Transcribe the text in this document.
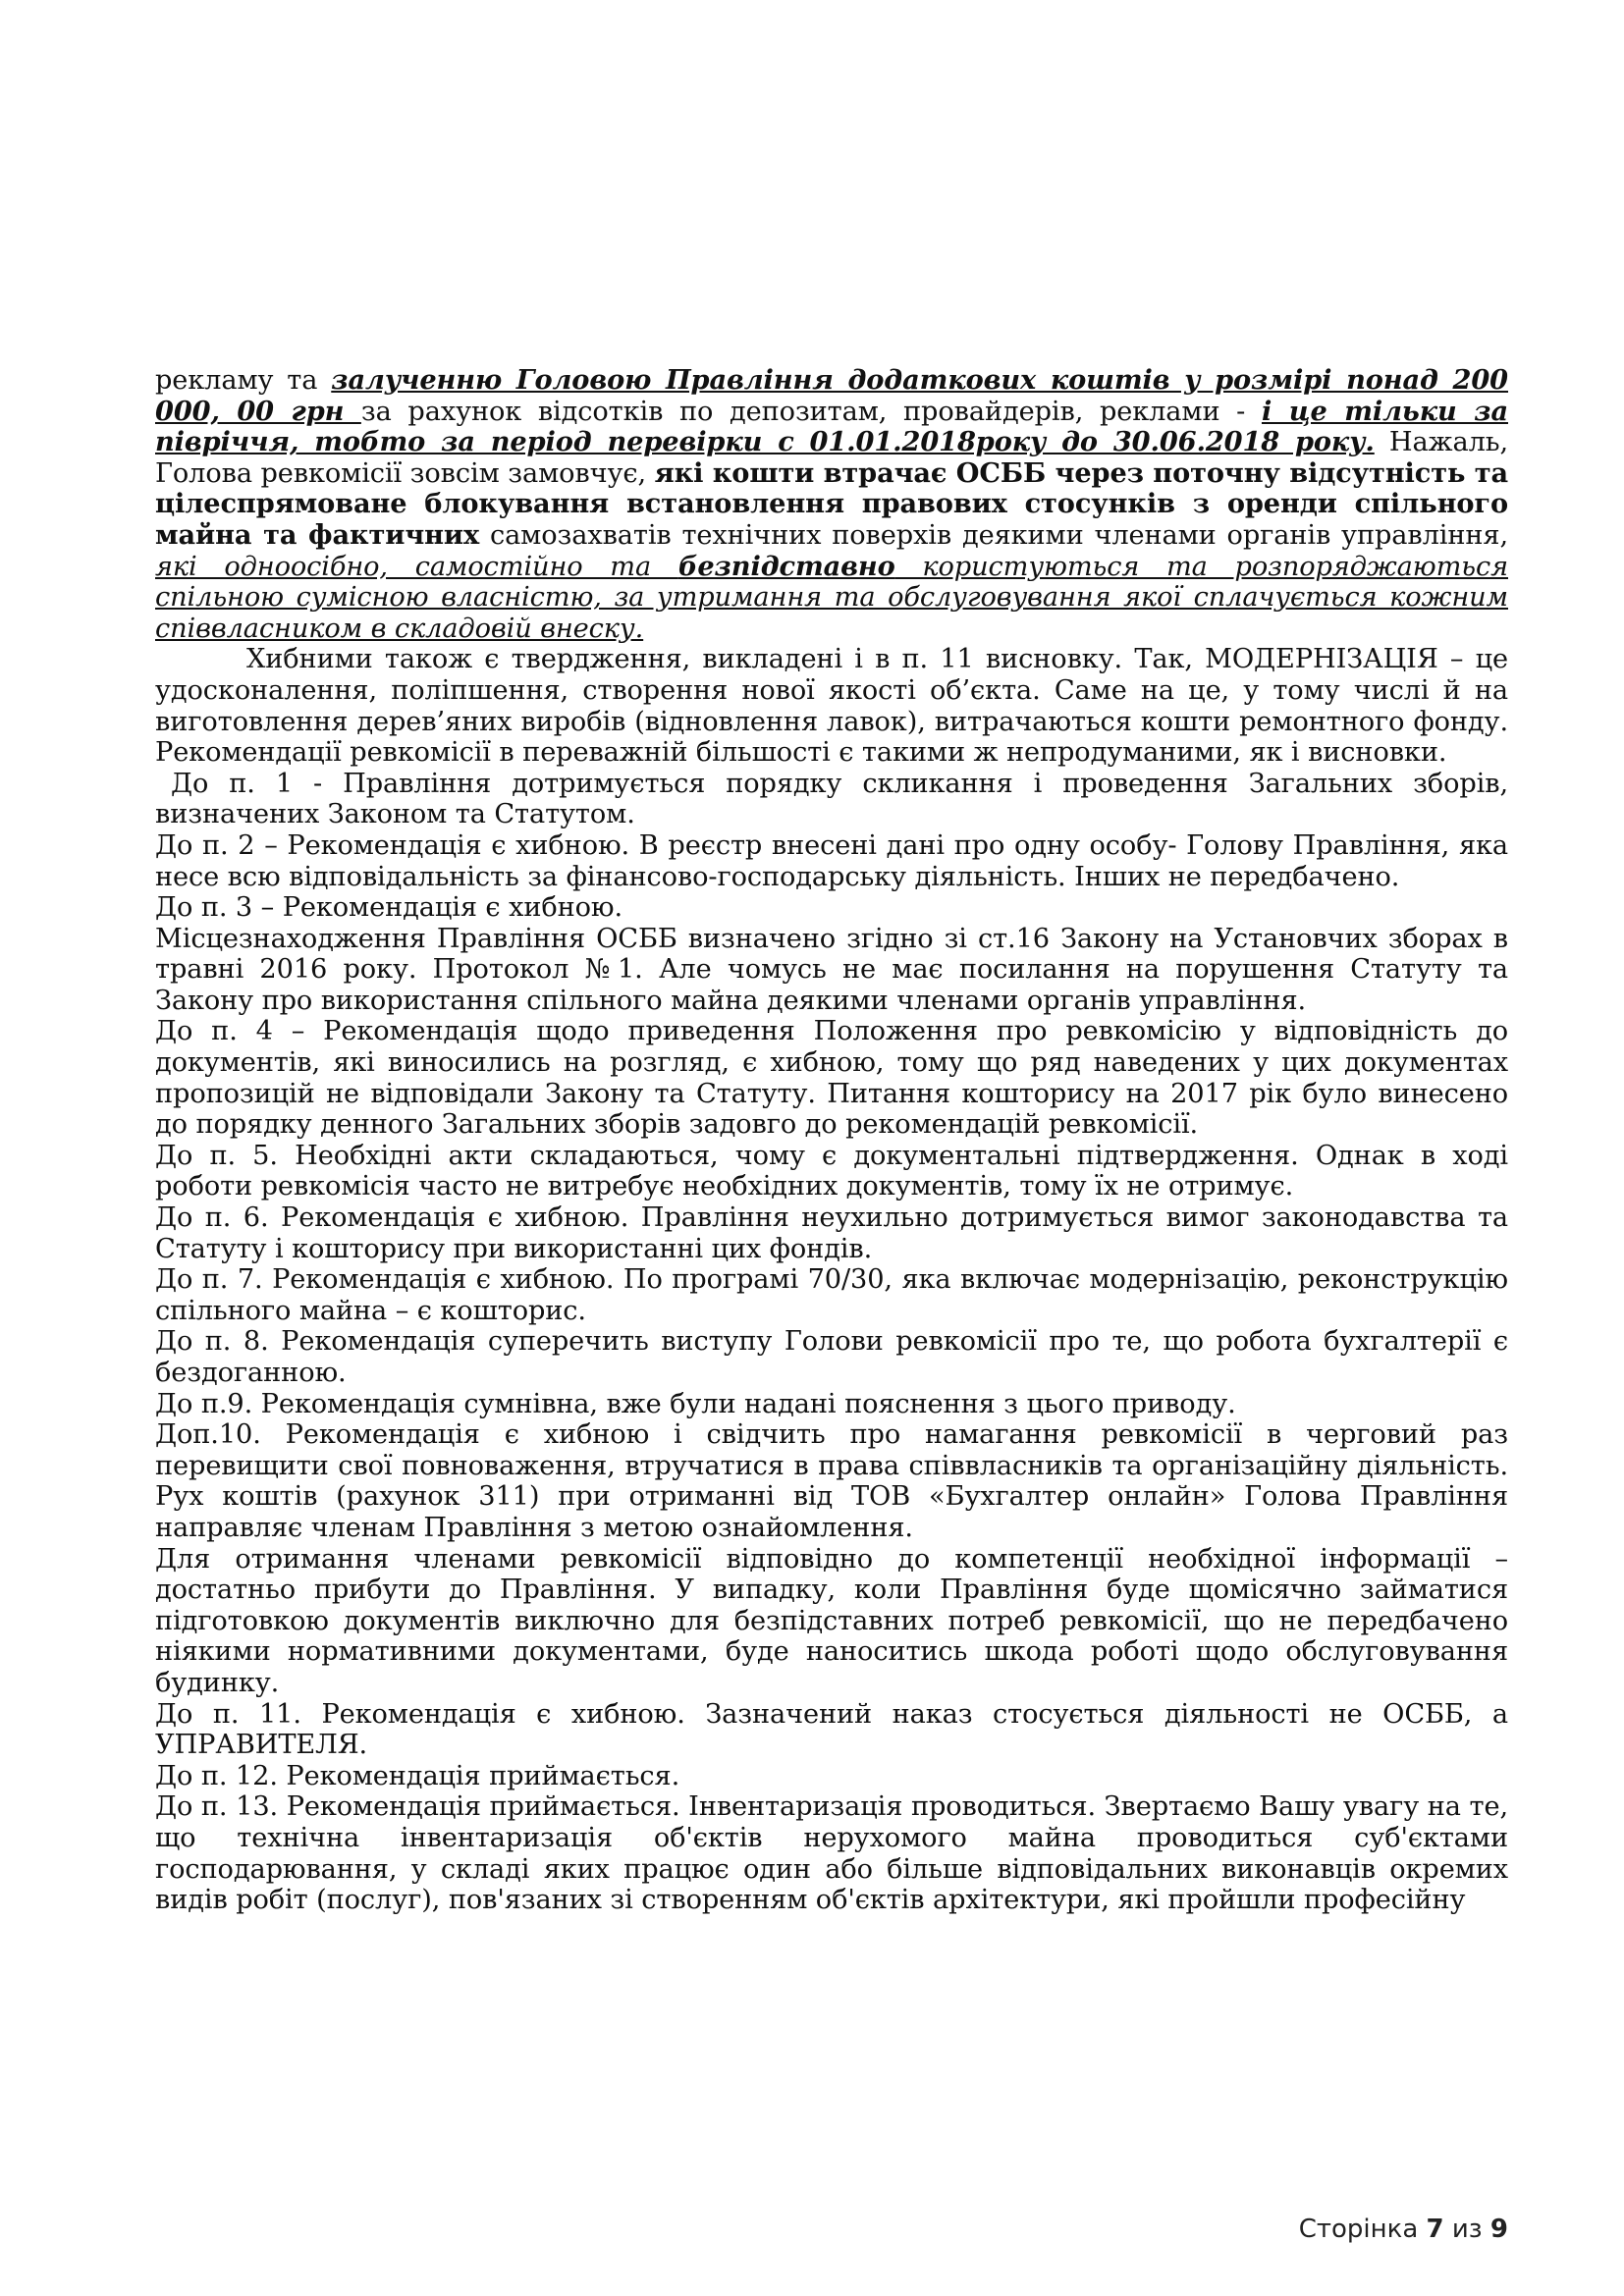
рекламу та залученню Головою Правління додаткових коштів у розмірі понад 200 000, 00 грн за рахунок відсотків по депозитам, провайдерів, реклами - і це тільки за півріччя, тобто за період перевірки с 01.01.2018року до 30.06.2018 року. Нажаль, Голова ревкомісії зовсім замовчує, які кошти втрачає ОСББ через поточну відсутність та цілеспрямоване блокування встановлення правових стосунків з оренди спільного майна та фактичних самозахватів технічних поверхів деякими членами органів управління, які одноосібно, самостійно та безпідставно користуються та розпоряджаються спільною сумісною власністю, за утримання та обслуговування якої сплачується кожним співвласником в складовій внеску.

Хибними також є твердження, викладені і в п. 11 висновку. Так, МОДЕРНІЗАЦІЯ – це удосконалення, поліпшення, створення нової якості об’єкта. Саме на це, у тому числі й на виготовлення дерев’яних виробів (відновлення лавок), витрачаються кошти ремонтного фонду. Рекомендації ревкомісії в переважній більшості є такими ж непродуманими, як і висновки.

До п. 1 - Правління дотримується порядку скликання і проведення Загальних зборів, визначених Законом та Статутом.

До п. 2 – Рекомендація є хибною. В реєстр внесені дані про одну особу- Голову Правління, яка несе всю відповідальність за фінансово-господарську діяльність. Інших не передбачено.

До п. 3 – Рекомендація є хибною.

Місцезнаходження Правління ОСББ визначено згідно зі ст.16 Закону на Установчих зборах в травні 2016 року. Протокол №1. Але чомусь не має посилання на порушення Статуту та Закону про використання спільного майна деякими членами органів управління.

До п. 4 – Рекомендація щодо приведення Положення про ревкомісію у відповідність до документів, які виносились на розгляд, є хибною, тому що ряд наведених у цих документах пропозицій не відповідали Закону та Статуту. Питання кошторису на 2017 рік було винесено до порядку денного Загальних зборів задовго до рекомендацій ревкомісії.

До п. 5. Необхідні акти складаються, чому є документальні підтвердження. Однак в ході роботи ревкомісія часто не витребує необхідних документів, тому їх не отримує.

До п. 6. Рекомендація є хибною. Правління неухильно дотримується вимог законодавства та Статуту і кошторису при використанні цих фондів.

До п. 7. Рекомендація є хибною. По програмі 70/30, яка включає модернізацію, реконструкцію спільного майна – є кошторис.

До п. 8. Рекомендація суперечить виступу Голови ревкомісії про те, що робота бухгалтерії є бездоганною.

До п.9. Рекомендація сумнівна, вже були надані пояснення з цього приводу.

Доп.10. Рекомендація є хибною і свідчить про намагання ревкомісії в черговий раз перевищити свої повноваження, втручатися в права співвласників та організаційну діяльність. Рух коштів (рахунок 311) при отриманні від ТОВ «Бухгалтер онлайн» Голова Правління направляє членам Правління з метою ознайомлення.

Для отримання членами ревкомісії відповідно до компетенції необхідної інформації – достатньо прибути до Правління. У випадку, коли Правління буде щомісячно займатися підготовкою документів виключно для безпідставних потреб ревкомісії, що не передбачено ніякими нормативними документами, буде наноситись шкода роботі щодо обслуговування будинку.

До п. 11. Рекомендація є хибною. Зазначений наказ стосується діяльності не ОСББ, а УПРАВИТЕЛЯ.

До п. 12. Рекомендація приймається.

До п. 13. Рекомендація приймається. Інвентаризація проводиться. Звертаємо Вашу увагу на те, що технічна інвентаризація об'єктів нерухомого майна проводиться суб'єктами господарювання, у складі яких працює один або більше відповідальних виконавців окремих видів робіт (послуг), пов'язаних зі створенням об'єктів архітектури, які пройшли професійну

Сторінка 7 из 9
